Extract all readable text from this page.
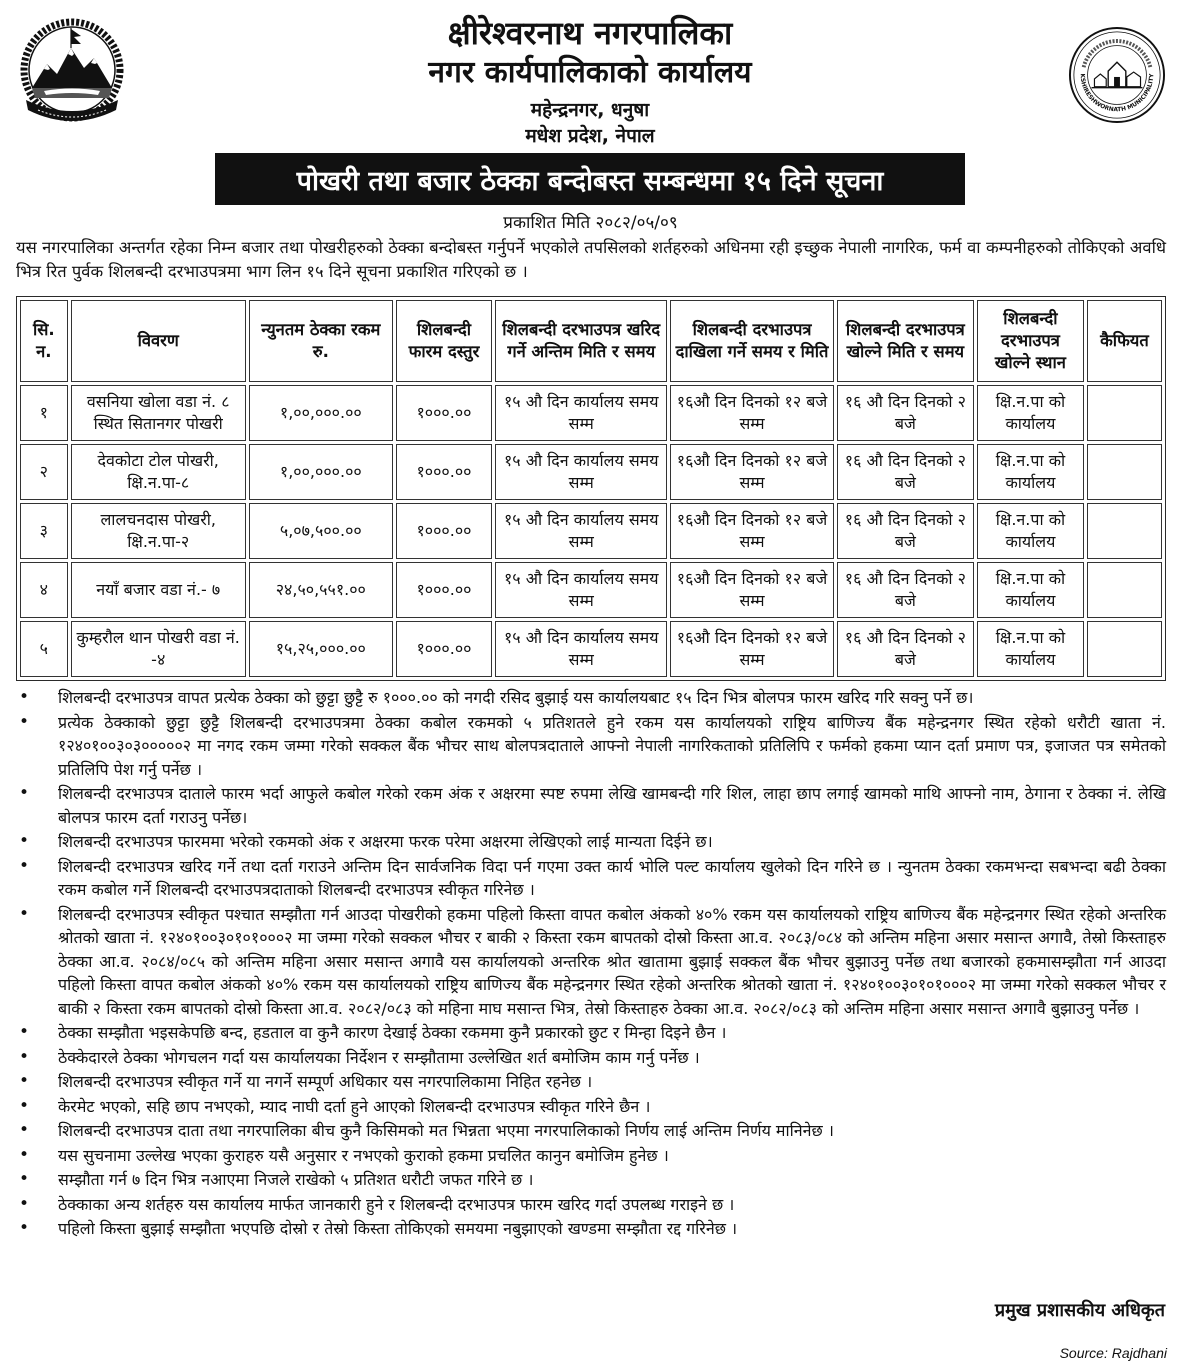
KSHIRESHWORNATH MUNICIPALITY
क्षीरेश्वरनाथ नगरपालिका
नगर कार्यपालिकाको कार्यालय
महेन्द्रनगर, धनुषा
मधेश प्रदेश, नेपाल
पोखरी तथा बजार ठेक्का बन्दोबस्त सम्बन्धमा १५ दिने सूचना
प्रकाशित मिति २०८२/०५/०९

यस नगरपालिका अन्तर्गत रहेका निम्न बजार तथा पोखरीहरुको ठेक्का बन्दोबस्त गर्नुपर्ने भएकोले तपसिलको शर्तहरुको अधिनमा रही इच्छुक नेपाली नागरिक, फर्म वा कम्पनीहरुको तोकिएको अवधि भित्र रित पुर्वक शिलबन्दी दरभाउपत्रमा भाग लिन १५ दिने सूचना प्रकाशित गरिएको छ ।

सि. न.	विवरण	न्युनतम ठेक्का रकम रु.	शिलबन्दी फारम दस्तुर	शिलबन्दी दरभाउपत्र खरिद गर्ने अन्तिम मिति र समय	शिलबन्दी दरभाउपत्र दाखिला गर्ने समय र मिति	शिलबन्दी दरभाउपत्र खोल्ने मिति र समय	शिलबन्दी दरभाउपत्र खोल्ने स्थान	कैफियत
१	वसनिया खोला वडा नं. ८ स्थित सितानगर पोखरी	१,००,०००.००	१०००.००	१५ औ दिन कार्यालय समय सम्म	१६औ दिन दिनको १२ बजे सम्म	१६ औ दिन दिनको २ बजे	क्षि.न.पा को कार्यालय	
२	देवकोटा टोल पोखरी, क्षि.न.पा-८	१,००,०००.००	१०००.००	१५ औ दिन कार्यालय समय सम्म	१६औ दिन दिनको १२ बजे सम्म	१६ औ दिन दिनको २ बजे	क्षि.न.पा को कार्यालय	
३	लालचनदास पोखरी, क्षि.न.पा-२	५,०७,५००.००	१०००.००	१५ औ दिन कार्यालय समय सम्म	१६औ दिन दिनको १२ बजे सम्म	१६ औ दिन दिनको २ बजे	क्षि.न.पा को कार्यालय	
४	नयाँ बजार वडा नं.- ७	२४,५०,५५१.००	१०००.००	१५ औ दिन कार्यालय समय सम्म	१६औ दिन दिनको १२ बजे सम्म	१६ औ दिन दिनको २ बजे	क्षि.न.पा को कार्यालय	
५	कुम्हरौल थान पोखरी वडा नं. -४	१५,२५,०००.००	१०००.००	१५ औ दिन कार्यालय समय सम्म	१६औ दिन दिनको १२ बजे सम्म	१६ औ दिन दिनको २ बजे	क्षि.न.पा को कार्यालय	
• शिलबन्दी दरभाउपत्र वापत प्रत्येक ठेक्का को छुट्टा छुट्टै रु १०००.०० को नगदी रसिद बुझाई यस कार्यालयबाट १५ दिन भित्र बोलपत्र फारम खरिद गरि सक्नु पर्ने छ।
• प्रत्येक ठेक्काको छुट्टा छुट्टै शिलबन्दी दरभाउपत्रमा ठेक्का कबोल रकमको ५ प्रतिशतले हुने रकम यस कार्यालयको राष्ट्रिय बाणिज्य बैंक महेन्द्रनगर स्थित रहेको धरौटी खाता नं. १२४०१००३०३०००००२ मा नगद रकम जम्मा गरेको सक्कल बैंक भौचर साथ बोलपत्रदाताले आफ्नो नेपाली नागरिकताको प्रतिलिपि र फर्मको हकमा प्यान दर्ता प्रमाण पत्र, इजाजत पत्र समेतको प्रतिलिपि पेश गर्नु पर्नेछ ।
• शिलबन्दी दरभाउपत्र दाताले फारम भर्दा आफुले कबोल गरेको रकम अंक र अक्षरमा स्पष्ट रुपमा लेखि खामबन्दी गरि शिल, लाहा छाप लगाई खामको माथि आफ्नो नाम, ठेगाना र ठेक्का नं. लेखि बोलपत्र फारम दर्ता गराउनु पर्नेछ।
• शिलबन्दी दरभाउपत्र फारममा भरेको रकमको अंक र अक्षरमा फरक परेमा अक्षरमा लेखिएको लाई मान्यता दिईने छ।
• शिलबन्दी दरभाउपत्र खरिद गर्ने तथा दर्ता गराउने अन्तिम दिन सार्वजनिक विदा पर्न गएमा उक्त कार्य भोलि पल्ट कार्यालय खुलेको दिन गरिने छ । न्युनतम ठेक्का रकमभन्दा सबभन्दा बढी ठेक्का रकम कबोल गर्ने शिलबन्दी दरभाउपत्रदाताको शिलबन्दी दरभाउपत्र स्वीकृत गरिनेछ ।
• शिलबन्दी दरभाउपत्र स्वीकृत पश्चात सम्झौता गर्न आउदा पोखरीको हकमा पहिलो किस्ता वापत कबोल अंकको ४०% रकम यस कार्यालयको राष्ट्रिय बाणिज्य बैंक महेन्द्रनगर स्थित रहेको अन्तरिक श्रोतको खाता नं. १२४०१००३०१०१०००२ मा जम्मा गरेको सक्कल भौचर र बाकी २ किस्ता रकम बापतको दोस्रो किस्ता आ.व. २०८३/०८४ को अन्तिम महिना असार मसान्त अगावै, तेस्रो किस्ताहरु ठेक्का आ.व. २०८४/०८५ को अन्तिम महिना असार मसान्त अगावै यस कार्यालयको अन्तरिक श्रोत खातामा बुझाई सक्कल बैंक भौचर बुझाउनु पर्नेछ तथा बजारको हकमासम्झौता गर्न आउदा पहिलो किस्ता वापत कबोल अंकको ४०% रकम यस कार्यालयको राष्ट्रिय बाणिज्य बैंक महेन्द्रनगर स्थित रहेको अन्तरिक श्रोतको खाता नं. १२४०१००३०१०१०००२ मा जम्मा गरेको सक्कल भौचर र बाकी २ किस्ता रकम बापतको दोस्रो किस्ता आ.व. २०८२/०८३ को महिना माघ मसान्त भित्र, तेस्रो किस्ताहरु ठेक्का आ.व. २०८२/०८३ को अन्तिम महिना असार मसान्त अगावै बुझाउनु पर्नेछ ।
• ठेक्का सम्झौता भइसकेपछि बन्द, हडताल वा कुनै कारण देखाई ठेक्का रकममा कुनै प्रकारको छुट र मिन्हा दिइने छैन ।
• ठेक्केदारले ठेक्का भोगचलन गर्दा यस कार्यालयका निर्देशन र सम्झौतामा उल्लेखित शर्त बमोजिम काम गर्नु पर्नेछ ।
• शिलबन्दी दरभाउपत्र स्वीकृत गर्ने या नगर्ने सम्पूर्ण अधिकार यस नगरपालिकामा निहित रहनेछ ।
• केरमेट भएको, सहि छाप नभएको, म्याद नाघी दर्ता हुने आएको शिलबन्दी दरभाउपत्र स्वीकृत गरिने छैन ।
• शिलबन्दी दरभाउपत्र दाता तथा नगरपालिका बीच कुनै किसिमको मत भिन्नता भएमा नगरपालिकाको निर्णय लाई अन्तिम निर्णय मानिनेछ ।
• यस सुचनामा उल्लेख भएका कुराहरु यसै अनुसार र नभएको कुराको हकमा प्रचलित कानुन बमोजिम हुनेछ ।
• सम्झौता गर्न ७ दिन भित्र नआएमा निजले राखेको ५ प्रतिशत धरौटी जफत गरिने छ ।
• ठेक्काका अन्य शर्तहरु यस कार्यालय मार्फत जानकारी हुने र शिलबन्दी दरभाउपत्र फारम खरिद गर्दा उपलब्ध गराइने छ ।
• पहिलो किस्ता बुझाई सम्झौता भएपछि दोस्रो र तेस्रो किस्ता तोकिएको समयमा नबुझाएको खण्डमा सम्झौता रद्द गरिनेछ ।
प्रमुख प्रशासकीय अधिकृत
Source: Rajdhani
